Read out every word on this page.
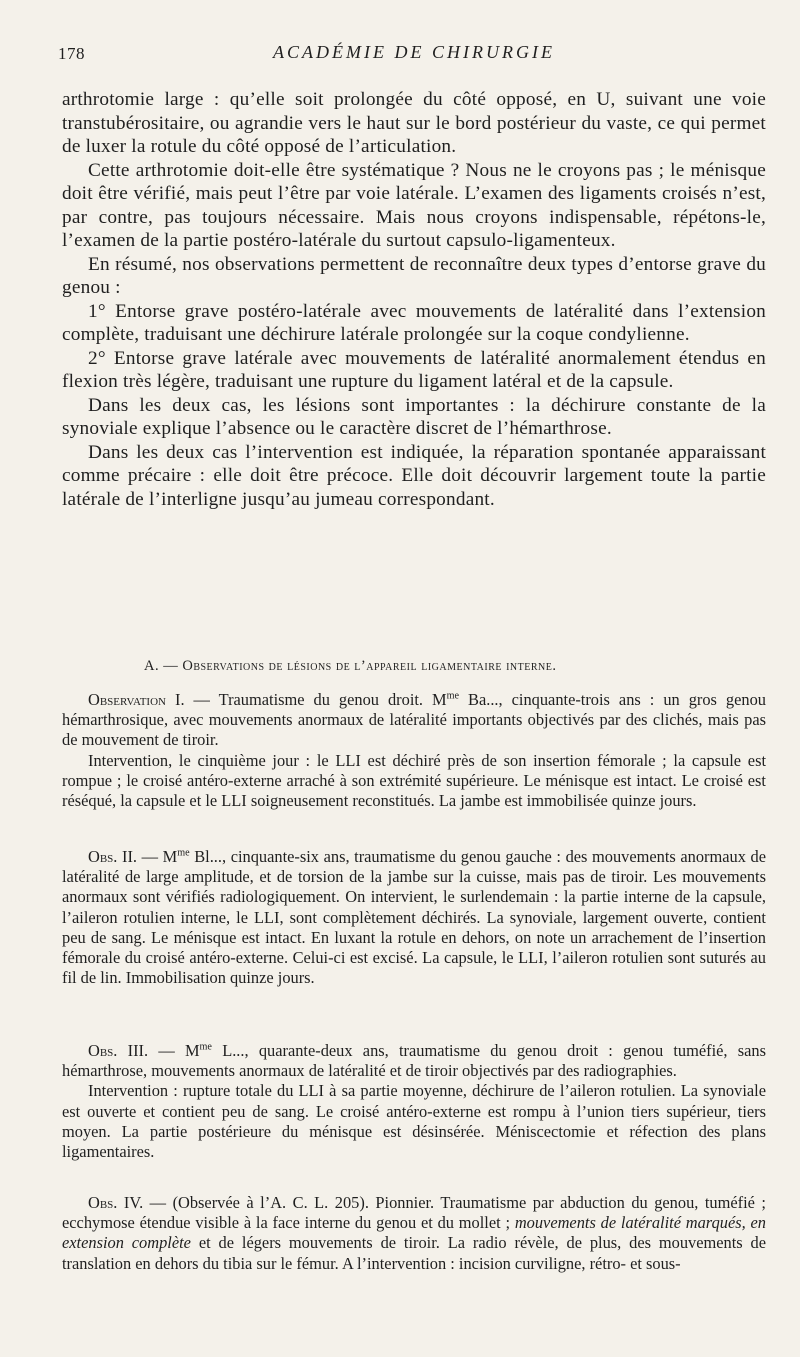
178	ACADÉMIE DE CHIRURGIE

arthrotomie large : qu’elle soit prolongée du côté opposé, en U, suivant une voie transtubérositaire, ou agrandie vers le haut sur le bord postérieur du vaste, ce qui permet de luxer la rotule du côté opposé de l’articulation.

Cette arthrotomie doit-elle être systématique ? Nous ne le croyons pas ; le ménisque doit être vérifié, mais peut l’être par voie latérale. L’examen des ligaments croisés n’est, par contre, pas toujours nécessaire. Mais nous croyons indispensable, répétons-le, l’examen de la partie postéro-latérale du surtout capsulo-ligamenteux.

En résumé, nos observations permettent de reconnaître deux types d’entorse grave du genou :

1° Entorse grave postéro-latérale avec mouvements de latéralité dans l’extension complète, traduisant une déchirure latérale prolongée sur la coque condylienne.

2° Entorse grave latérale avec mouvements de latéralité anormalement étendus en flexion très légère, traduisant une rupture du ligament latéral et de la capsule.

Dans les deux cas, les lésions sont importantes : la déchirure constante de la synoviale explique l’absence ou le caractère discret de l’hémarthrose.

Dans les deux cas l’intervention est indiquée, la réparation spontanée apparaissant comme précaire : elle doit être précoce. Elle doit découvrir largement toute la partie latérale de l’interligne jusqu’au jumeau correspondant.

A. — Observations de lésions de l’appareil ligamentaire interne.

Observation I. — Traumatisme du genou droit. $M^{me}$ Ba..., cinquante-trois ans : un gros genou hémarthrosique, avec mouvements anormaux de latéralité importants objectivés par des clichés, mais pas de mouvement de tiroir.

Intervention, le cinquième jour : le LLI est déchiré près de son insertion fémorale ; la capsule est rompue ; le croisé antéro-externe arraché à son extrémité supérieure. Le ménisque est intact. Le croisé est réséqué, la capsule et le LLI soigneusement reconstitués. La jambe est immobilisée quinze jours.

Obs. II. — $M^{me}$ Bl..., cinquante-six ans, traumatisme du genou gauche : des mouvements anormaux de latéralité de large amplitude, et de torsion de la jambe sur la cuisse, mais pas de tiroir. Les mouvements anormaux sont vérifiés radiologiquement. On intervient, le surlendemain : la partie interne de la capsule, l’aileron rotulien interne, le LLI, sont complètement déchirés. La synoviale, largement ouverte, contient peu de sang. Le ménisque est intact. En luxant la rotule en dehors, on note un arrachement de l’insertion fémorale du croisé antéro-externe. Celui-ci est excisé. La capsule, le LLI, l’aileron rotulien sont suturés au fil de lin. Immobilisation quinze jours.

Obs. III. — $M^{me}$ L..., quarante-deux ans, traumatisme du genou droit : genou tuméfié, sans hémarthrose, mouvements anormaux de latéralité et de tiroir objectivés par des radiographies.

Intervention : rupture totale du LLI à sa partie moyenne, déchirure de l’aileron rotulien. La synoviale est ouverte et contient peu de sang. Le croisé antéro-externe est rompu à l’union tiers supérieur, tiers moyen. La partie postérieure du ménisque est désinsérée. Méniscectomie et réfection des plans ligamentaires.

Obs. IV. — (Observée à l’A. C. L. 205). Pionnier. Traumatisme par abduction du genou, tuméfié ; ecchymose étendue visible à la face interne du genou et du mollet ; mouvements de latéralité marqués, en extension complète et de légers mouvements de tiroir. La radio révèle, de plus, des mouvements de translation en dehors du tibia sur le fémur. A l’intervention : incision curviligne, rétro- et sous-
